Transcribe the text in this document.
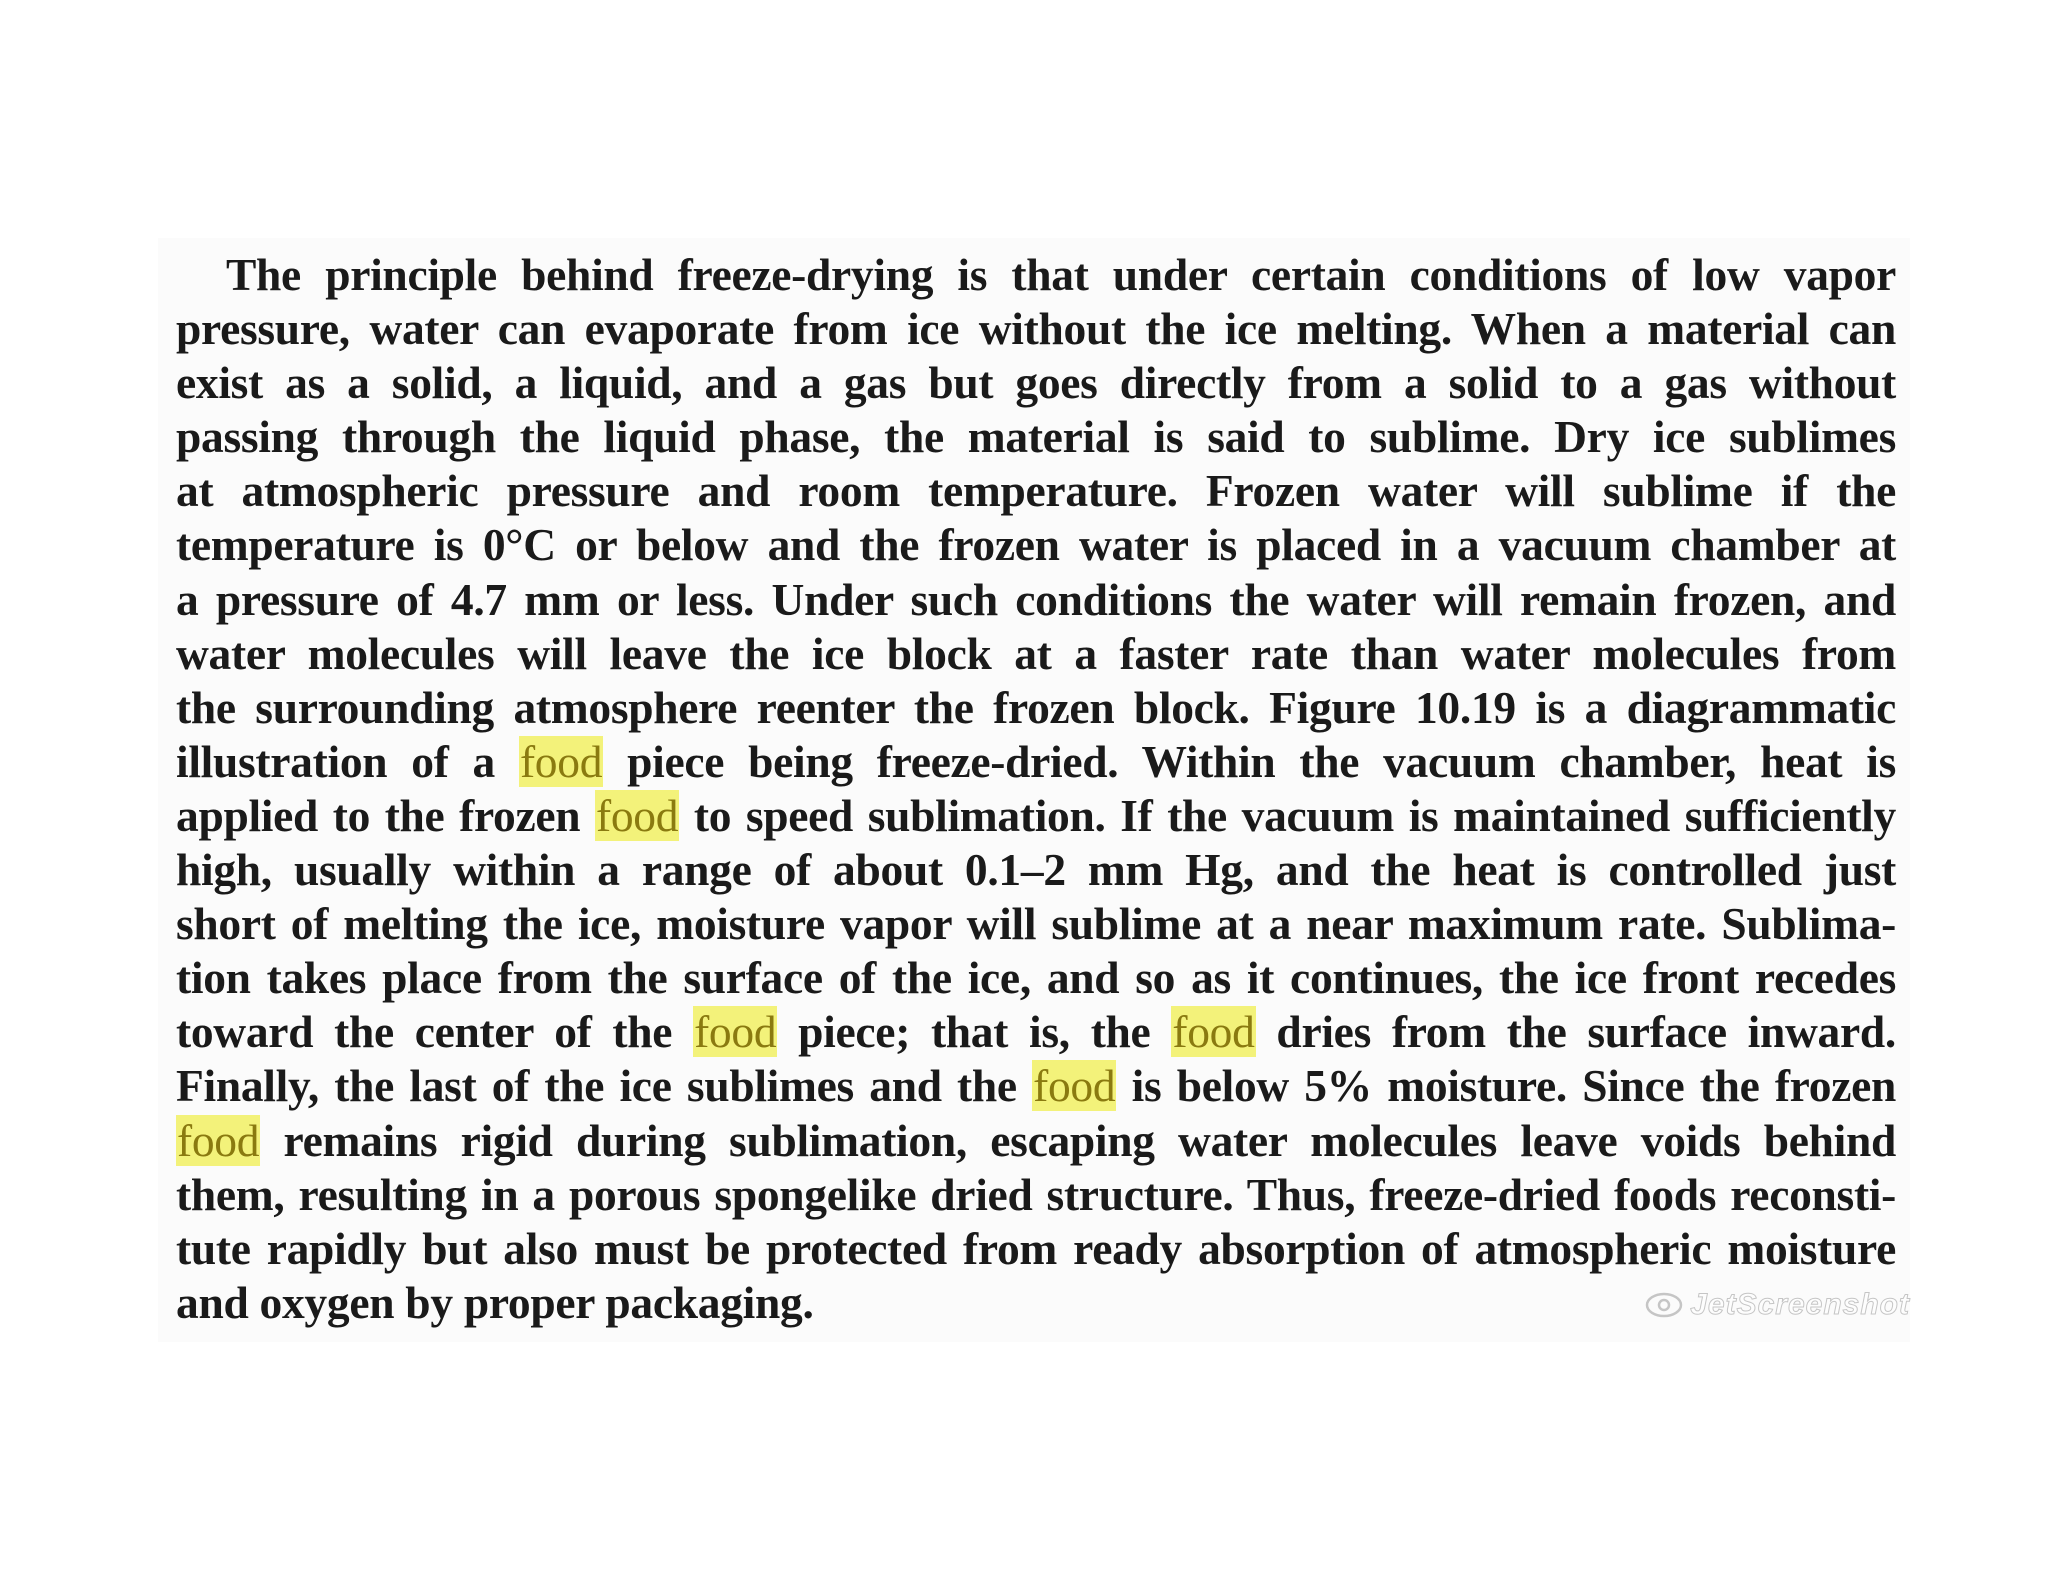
The principle behind freeze-drying is that under certain conditions of low vapor
pressure, water can evaporate from ice without the ice melting. When a material can
exist as a solid, a liquid, and a gas but goes directly from a solid to a gas without
passing through the liquid phase, the material is said to sublime. Dry ice sublimes
at atmospheric pressure and room temperature. Frozen water will sublime if the
temperature is 0°C or below and the frozen water is placed in a vacuum chamber at
a pressure of 4.7 mm or less. Under such conditions the water will remain frozen, and
water molecules will leave the ice block at a faster rate than water molecules from
the surrounding atmosphere reenter the frozen block. Figure 10.19 is a diagrammatic
illustration of a food piece being freeze-dried. Within the vacuum chamber, heat is
applied to the frozen food to speed sublimation. If the vacuum is maintained sufficiently
high, usually within a range of about 0.1–2 mm Hg, and the heat is controlled just
short of melting the ice, moisture vapor will sublime at a near maximum rate. Sublima-
tion takes place from the surface of the ice, and so as it continues, the ice front recedes
toward the center of the food piece; that is, the food dries from the surface inward.
Finally, the last of the ice sublimes and the food is below 5% moisture. Since the frozen
food remains rigid during sublimation, escaping water molecules leave voids behind
them, resulting in a porous spongelike dried structure. Thus, freeze-dried foods reconsti-
tute rapidly but also must be protected from ready absorption of atmospheric moisture
and oxygen by proper packaging.	JetScreenshot
